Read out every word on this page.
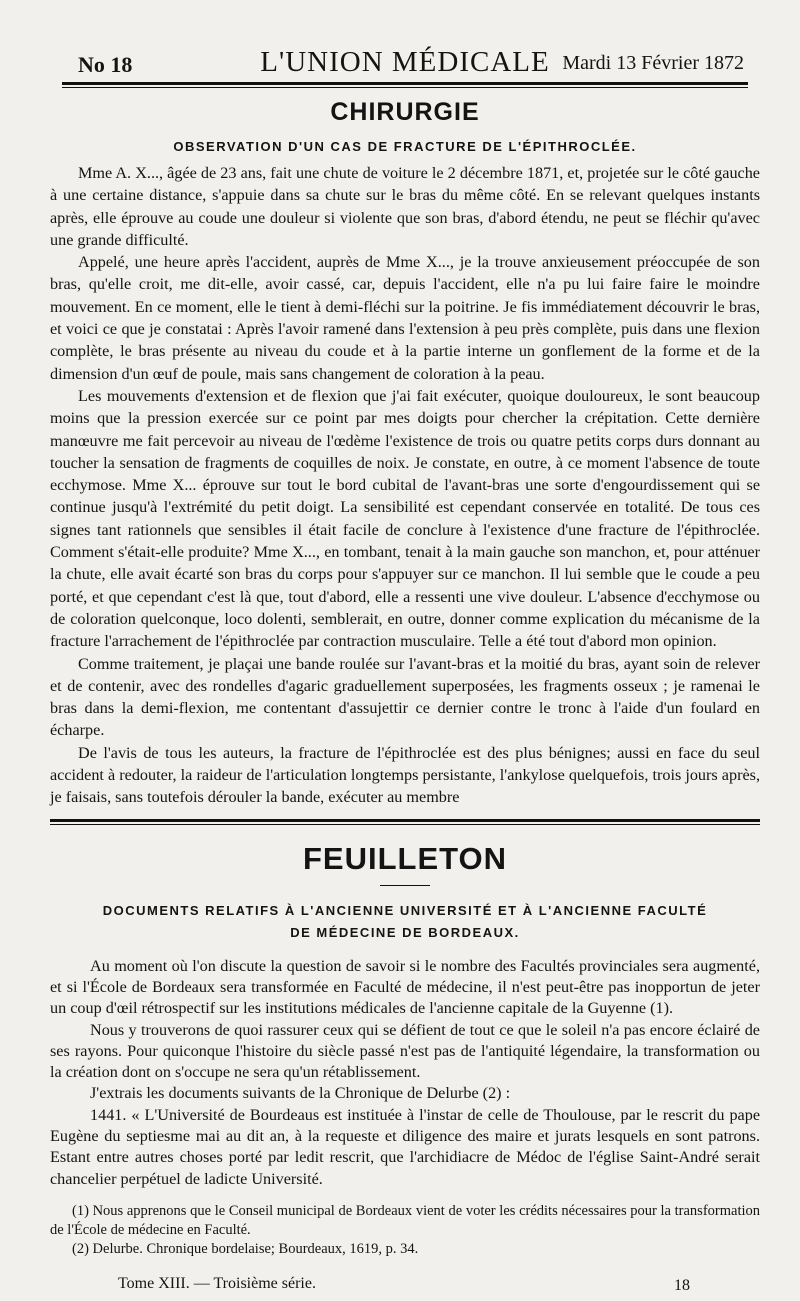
No 18	L'UNION MÉDICALE Mardi 13 Février 1872
CHIRURGIE
OBSERVATION D'UN CAS DE FRACTURE DE L'ÉPITHROCLÉE.

Mme A. X..., âgée de 23 ans, fait une chute de voiture le 2 décembre 1871, et, projetée sur le côté gauche à une certaine distance, s'appuie dans sa chute sur le bras du même côté. En se relevant quelques instants après, elle éprouve au coude une douleur si violente que son bras, d'abord étendu, ne peut se fléchir qu'avec une grande difficulté.

Appelé, une heure après l'accident, auprès de Mme X..., je la trouve anxieusement préoccupée de son bras, qu'elle croit, me dit-elle, avoir cassé, car, depuis l'accident, elle n'a pu lui faire faire le moindre mouvement. En ce moment, elle le tient à demi-fléchi sur la poitrine. Je fis immédiatement découvrir le bras, et voici ce que je constatai : Après l'avoir ramené dans l'extension à peu près complète, puis dans une flexion complète, le bras présente au niveau du coude et à la partie interne un gonflement de la forme et de la dimension d'un œuf de poule, mais sans changement de coloration à la peau.

Les mouvements d'extension et de flexion que j'ai fait exécuter, quoique douloureux, le sont beaucoup moins que la pression exercée sur ce point par mes doigts pour chercher la crépitation. Cette dernière manœuvre me fait percevoir au niveau de l'œdème l'existence de trois ou quatre petits corps durs donnant au toucher la sensation de fragments de coquilles de noix. Je constate, en outre, à ce moment l'absence de toute ecchymose. Mme X... éprouve sur tout le bord cubital de l'avant-bras une sorte d'engourdissement qui se continue jusqu'à l'extrémité du petit doigt. La sensibilité est cependant conservée en totalité. De tous ces signes tant rationnels que sensibles il était facile de conclure à l'existence d'une fracture de l'épithroclée. Comment s'était-elle produite? Mme X..., en tombant, tenait à la main gauche son manchon, et, pour atténuer la chute, elle avait écarté son bras du corps pour s'appuyer sur ce manchon. Il lui semble que le coude a peu porté, et que cependant c'est là que, tout d'abord, elle a ressenti une vive douleur. L'absence d'ecchymose ou de coloration quelconque, loco dolenti, semblerait, en outre, donner comme explication du mécanisme de la fracture l'arrachement de l'épithroclée par contraction musculaire. Telle a été tout d'abord mon opinion.

Comme traitement, je plaçai une bande roulée sur l'avant-bras et la moitié du bras, ayant soin de relever et de contenir, avec des rondelles d'agaric graduellement superposées, les fragments osseux ; je ramenai le bras dans la demi-flexion, me contentant d'assujettir ce dernier contre le tronc à l'aide d'un foulard en écharpe.

De l'avis de tous les auteurs, la fracture de l'épithroclée est des plus bénignes; aussi en face du seul accident à redouter, la raideur de l'articulation longtemps persistante, l'ankylose quelquefois, trois jours après, je faisais, sans toutefois dérouler la bande, exécuter au membre

FEUILLETON
DOCUMENTS RELATIFS À L'ANCIENNE UNIVERSITÉ ET À L'ANCIENNE FACULTÉ
DE MÉDECINE DE BORDEAUX.

Au moment où l'on discute la question de savoir si le nombre des Facultés provinciales sera augmenté, et si l'École de Bordeaux sera transformée en Faculté de médecine, il n'est peut-être pas inopportun de jeter un coup d'œil rétrospectif sur les institutions médicales de l'ancienne capitale de la Guyenne (1).

Nous y trouverons de quoi rassurer ceux qui se défient de tout ce que le soleil n'a pas encore éclairé de ses rayons. Pour quiconque l'histoire du siècle passé n'est pas de l'antiquité légendaire, la transformation ou la création dont on s'occupe ne sera qu'un rétablissement.

J'extrais les documents suivants de la Chronique de Delurbe (2) :

1441. « L'Université de Bourdeaus est instituée à l'instar de celle de Thoulouse, par le rescrit du pape Eugène du septiesme mai au dit an, à la requeste et diligence des maire et jurats lesquels en sont patrons. Estant entre autres choses porté par ledit rescrit, que l'archidiacre de Médoc de l'église Saint-André serait chancelier perpétuel de ladicte Université.

(1) Nous apprenons que le Conseil municipal de Bordeaux vient de voter les crédits nécessaires pour la transformation de l'École de médecine en Faculté.

(2) Delurbe. Chronique bordelaise; Bourdeaux, 1619, p. 34.

Tome XIII. — Troisième série.	18
